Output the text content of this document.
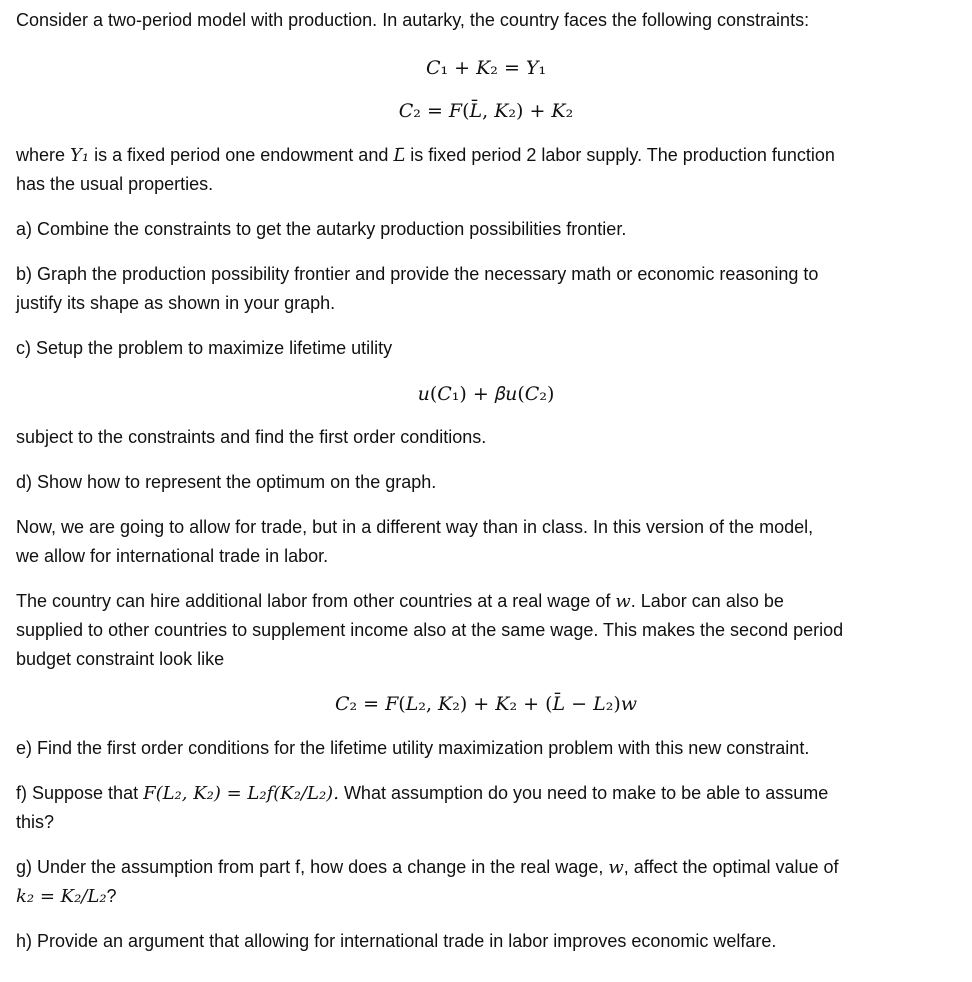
Consider a two-period model with production. In autarky, the country faces the following constraints:

𝐶₁ + 𝐾₂ = 𝑌₁

𝐶₂ = 𝐹(𝐿̄, 𝐾₂) + 𝐾₂

where 𝑌₁ is a fixed period one endowment and 𝐿̄ is fixed period 2 labor supply. The production function
has the usual properties.

a) Combine the constraints to get the autarky production possibilities frontier.

b) Graph the production possibility frontier and provide the necessary math or economic reasoning to
justify its shape as shown in your graph.

c) Setup the problem to maximize lifetime utility

𝑢(𝐶₁) + 𝛽𝑢(𝐶₂)

subject to the constraints and find the first order conditions.

d) Show how to represent the optimum on the graph.

Now, we are going to allow for trade, but in a different way than in class. In this version of the model,
we allow for international trade in labor.

The country can hire additional labor from other countries at a real wage of 𝑤. Labor can also be
supplied to other countries to supplement income also at the same wage. This makes the second period
budget constraint look like

𝐶₂ = 𝐹(𝐿₂, 𝐾₂) + 𝐾₂ + (𝐿̄ − 𝐿₂)𝑤

e) Find the first order conditions for the lifetime utility maximization problem with this new constraint.

f) Suppose that 𝐹(𝐿₂, 𝐾₂) = 𝐿₂𝑓(𝐾₂/𝐿₂). What assumption do you need to make to be able to assume
this?

g) Under the assumption from part f, how does a change in the real wage, 𝑤, affect the optimal value of
𝑘₂ = 𝐾₂/𝐿₂?

h) Provide an argument that allowing for international trade in labor improves economic welfare.
